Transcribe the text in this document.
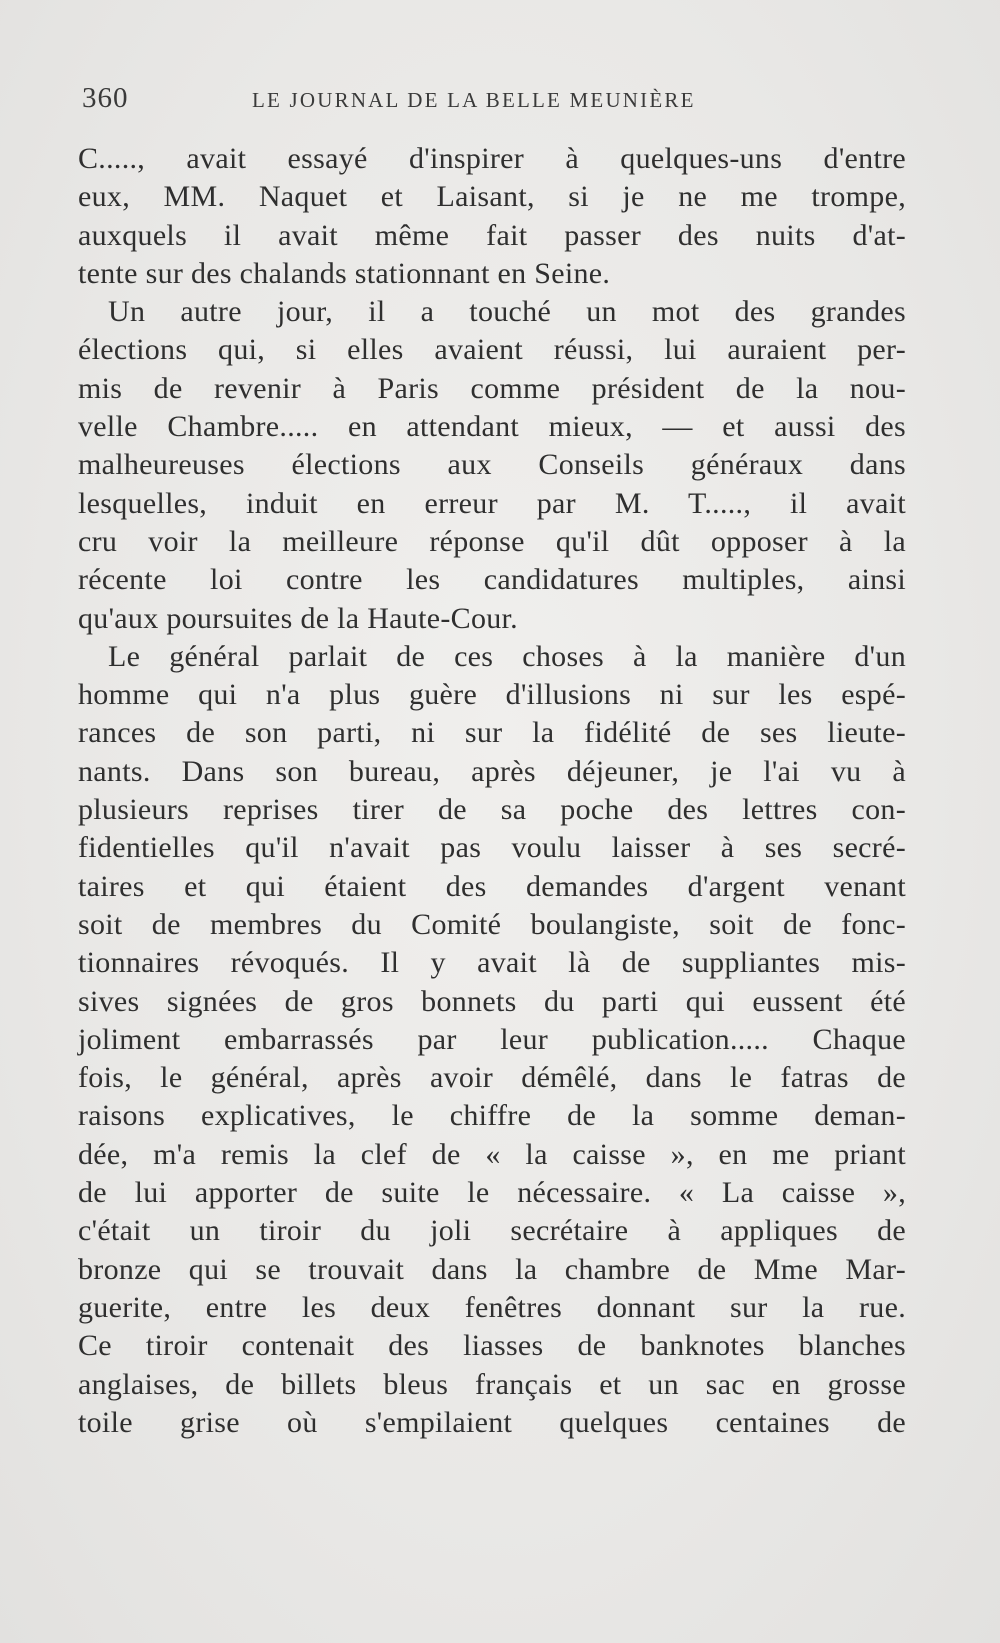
360	LE JOURNAL DE LA BELLE MEUNIÈRE
C....., avait essayé d'inspirer à quelques-uns d'entre
eux, MM. Naquet et Laisant, si je ne me trompe,
auxquels il avait même fait passer des nuits d'at-
tente sur des chalands stationnant en Seine.
Un autre jour, il a touché un mot des grandes
élections qui, si elles avaient réussi, lui auraient per-
mis de revenir à Paris comme président de la nou-
velle Chambre..... en attendant mieux, — et aussi des
malheureuses élections aux Conseils généraux dans
lesquelles, induit en erreur par M. T....., il avait
cru voir la meilleure réponse qu'il dût opposer à la
récente loi contre les candidatures multiples, ainsi
qu'aux poursuites de la Haute-Cour.
Le général parlait de ces choses à la manière d'un
homme qui n'a plus guère d'illusions ni sur les espé-
rances de son parti, ni sur la fidélité de ses lieute-
nants. Dans son bureau, après déjeuner, je l'ai vu à
plusieurs reprises tirer de sa poche des lettres con-
fidentielles qu'il n'avait pas voulu laisser à ses secré-
taires et qui étaient des demandes d'argent venant
soit de membres du Comité boulangiste, soit de fonc-
tionnaires révoqués. Il y avait là de suppliantes mis-
sives signées de gros bonnets du parti qui eussent été
joliment embarrassés par leur publication..... Chaque
fois, le général, après avoir démêlé, dans le fatras de
raisons explicatives, le chiffre de la somme deman-
dée, m'a remis la clef de « la caisse », en me priant
de lui apporter de suite le nécessaire. « La caisse »,
c'était un tiroir du joli secrétaire à appliques de
bronze qui se trouvait dans la chambre de Mme Mar-
guerite, entre les deux fenêtres donnant sur la rue.
Ce tiroir contenait des liasses de banknotes blanches
anglaises, de billets bleus français et un sac en grosse
toile grise où s'empilaient quelques centaines de
